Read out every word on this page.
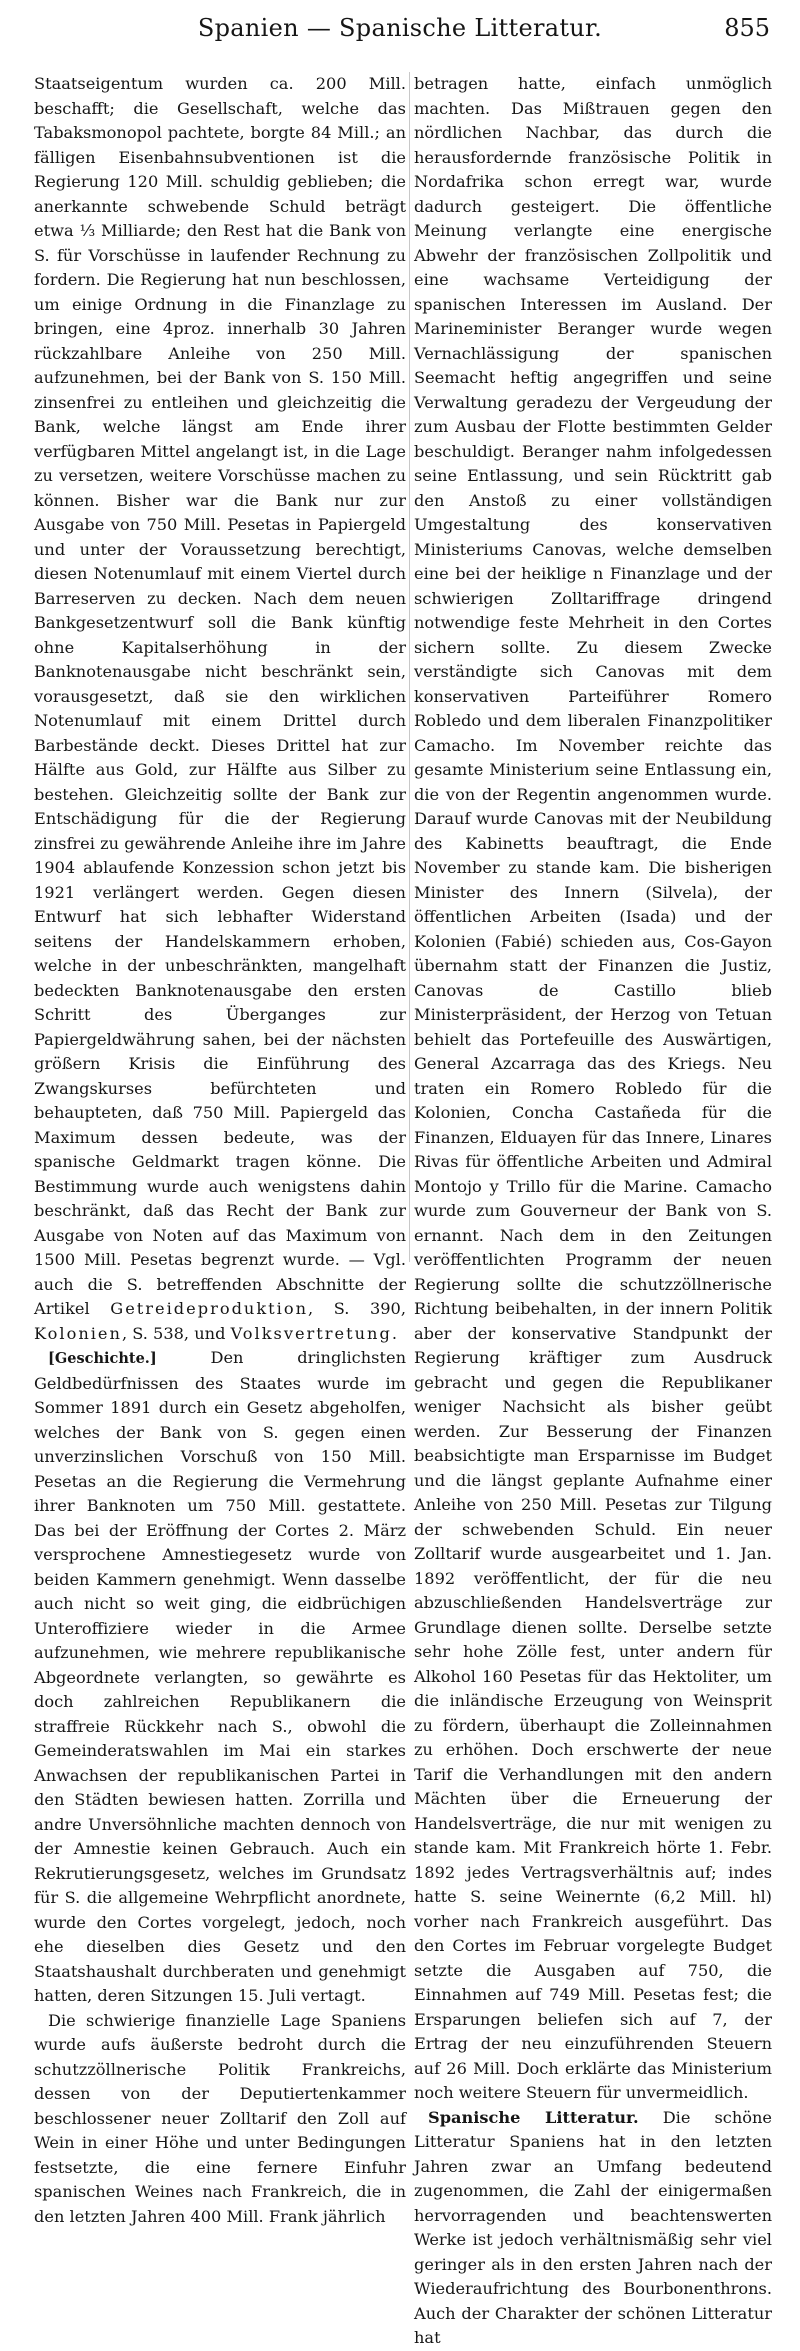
Spanien — Spanische Litteratur.	855

Staatseigentum wurden ca. 200 Mill. beschafft; die Gesellschaft, welche das Tabaksmonopol pachtete, borgte 84 Mill.; an fälligen Eisenbahnsubventionen ist die Regierung 120 Mill. schuldig geblieben; die anerkannte schwebende Schuld beträgt etwa ⅓ Milliarde; den Rest hat die Bank von S. für Vorschüsse in laufender Rechnung zu fordern. Die Regierung hat nun beschlossen, um einige Ordnung in die Finanzlage zu bringen, eine 4proz. innerhalb 30 Jahren rückzahlbare Anleihe von 250 Mill. aufzunehmen, bei der Bank von S. 150 Mill. zinsenfrei zu entleihen und gleichzeitig die Bank, welche längst am Ende ihrer verfügbaren Mittel angelangt ist, in die Lage zu versetzen, weitere Vorschüsse machen zu können. Bisher war die Bank nur zur Ausgabe von 750 Mill. Pesetas in Papiergeld und unter der Voraussetzung berechtigt, diesen Notenumlauf mit einem Viertel durch Barreserven zu decken. Nach dem neuen Bankgesetzentwurf soll die Bank künftig ohne Kapitalserhöhung in der Banknotenausgabe nicht beschränkt sein, vorausgesetzt, daß sie den wirklichen Notenumlauf mit einem Drittel durch Barbestände deckt. Dieses Drittel hat zur Hälfte aus Gold, zur Hälfte aus Silber zu bestehen. Gleichzeitig sollte der Bank zur Entschädigung für die der Regierung zinsfrei zu gewährende Anleihe ihre im Jahre 1904 ablaufende Konzession schon jetzt bis 1921 verlängert werden. Gegen diesen Entwurf hat sich lebhafter Widerstand seitens der Handelskammern erhoben, welche in der unbeschränkten, mangelhaft bedeckten Banknotenausgabe den ersten Schritt des Überganges zur Papiergeldwährung sahen, bei der nächsten größern Krisis die Einführung des Zwangskurses befürchteten und behaupteten, daß 750 Mill. Papiergeld das Maximum dessen bedeute, was der spanische Geldmarkt tragen könne. Die Bestimmung wurde auch wenigstens dahin beschränkt, daß das Recht der Bank zur Ausgabe von Noten auf das Maximum von 1500 Mill. Pesetas begrenzt wurde. — Vgl. auch die S. betreffenden Abschnitte der Artikel Getreideproduktion, S. 390, Kolonien, S. 538, und Volksvertretung.

[Geschichte.]	Den dringlichsten Geldbedürfnissen des Staates wurde im Sommer 1891 durch ein Gesetz abgeholfen, welches der Bank von S. gegen einen unverzinslichen Vorschuß von 150 Mill. Pesetas an die Regierung die Vermehrung ihrer Banknoten um 750 Mill. gestattete. Das bei der Eröffnung der Cortes 2. März versprochene Amnestiegesetz wurde von beiden Kammern genehmigt. Wenn dasselbe auch nicht so weit ging, die eidbrüchigen Unteroffiziere wieder in die Armee aufzunehmen, wie mehrere republikanische Abgeordnete verlangten, so gewährte es doch zahlreichen Republikanern die straffreie Rückkehr nach S., obwohl die Gemeinderatswahlen im Mai ein starkes Anwachsen der republikanischen Partei in den Städten bewiesen hatten. Zorrilla und andre Unversöhnliche machten dennoch von der Amnestie keinen Gebrauch. Auch ein Rekrutierungsgesetz, welches im Grundsatz für S. die allgemeine Wehrpflicht anordnete, wurde den Cortes vorgelegt, jedoch, noch ehe dieselben dies Gesetz und den Staatshaushalt durchberaten und genehmigt hatten, deren Sitzungen 15. Juli vertagt.

Die schwierige finanzielle Lage Spaniens wurde aufs äußerste bedroht durch die schutzzöllnerische Politik Frankreichs, dessen von der Deputiertenkammer beschlossener neuer Zolltarif den Zoll auf Wein in einer Höhe und unter Bedingungen festsetzte, die eine fernere Einfuhr spanischen Weines nach Frankreich, die in den letzten Jahren 400 Mill. Frank jährlich

betragen hatte, einfach unmöglich machten. Das Mißtrauen gegen den nördlichen Nachbar, das durch die herausfordernde französische Politik in Nordafrika schon erregt war, wurde dadurch gesteigert. Die öffentliche Meinung verlangte eine energische Abwehr der französischen Zollpolitik und eine wachsame Verteidigung der spanischen Interessen im Ausland. Der Marineminister Beranger wurde wegen Vernachlässigung der spanischen Seemacht heftig angegriffen und seine Verwaltung geradezu der Vergeudung der zum Ausbau der Flotte bestimmten Gelder beschuldigt. Beranger nahm infolgedessen seine Entlassung, und sein Rücktritt gab den Anstoß zu einer vollständigen Umgestaltung des konservativen Ministeriums Canovas, welche demselben eine bei der heiklige n Finanzlage und der schwierigen Zolltariffrage dringend notwendige feste Mehrheit in den Cortes sichern sollte. Zu diesem Zwecke verständigte sich Canovas mit dem konservativen Parteiführer Romero Robledo und dem liberalen Finanzpolitiker Camacho. Im November reichte das gesamte Ministerium seine Entlassung ein, die von der Regentin angenommen wurde. Darauf wurde Canovas mit der Neubildung des Kabinetts beauftragt, die Ende November zu stande kam. Die bisherigen Minister des Innern (Silvela), der öffentlichen Arbeiten (Isada) und der Kolonien (Fabié) schieden aus, Cos-Gayon übernahm statt der Finanzen die Justiz, Canovas de Castillo blieb Ministerpräsident, der Herzog von Tetuan behielt das Portefeuille des Auswärtigen, General Azcarraga das des Kriegs. Neu traten ein Romero Robledo für die Kolonien, Concha Castañeda für die Finanzen, Elduayen für das Innere, Linares Rivas für öffentliche Arbeiten und Admiral Montojo y Trillo für die Marine. Camacho wurde zum Gouverneur der Bank von S. ernannt. Nach dem in den Zeitungen veröffentlichten Programm der neuen Regierung sollte die schutzzöllnerische Richtung beibehalten, in der innern Politik aber der konservative Standpunkt der Regierung kräftiger zum Ausdruck gebracht und gegen die Republikaner weniger Nachsicht als bisher geübt werden. Zur Besserung der Finanzen beabsichtigte man Ersparnisse im Budget und die längst geplante Aufnahme einer Anleihe von 250 Mill. Pesetas zur Tilgung der schwebenden Schuld. Ein neuer Zolltarif wurde ausgearbeitet und 1. Jan. 1892 veröffentlicht, der für die neu abzuschließenden Handelsverträge zur Grundlage dienen sollte. Derselbe setzte sehr hohe Zölle fest, unter andern für Alkohol 160 Pesetas für das Hektoliter, um die inländische Erzeugung von Weinsprit zu fördern, überhaupt die Zolleinnahmen zu erhöhen. Doch erschwerte der neue Tarif die Verhandlungen mit den andern Mächten über die Erneuerung der Handelsverträge, die nur mit wenigen zu stande kam. Mit Frankreich hörte 1. Febr. 1892 jedes Vertragsverhältnis auf; indes hatte S. seine Weinernte (6,2 Mill. hl) vorher nach Frankreich ausgeführt. Das den Cortes im Februar vorgelegte Budget setzte die Ausgaben auf 750, die Einnahmen auf 749 Mill. Pesetas fest; die Ersparungen beliefen sich auf 7, der Ertrag der neu einzuführenden Steuern auf 26 Mill. Doch erklärte das Ministerium noch weitere Steuern für unvermeidlich.

Spanische Litteratur. Die schöne Litteratur Spaniens hat in den letzten Jahren zwar an Umfang bedeutend zugenommen, die Zahl der einigermaßen hervorragenden und beachtenswerten Werke ist jedoch verhältnismäßig sehr viel geringer als in den ersten Jahren nach der Wiederaufrichtung des Bourbonenthrons. Auch der Charakter der schönen Litteratur hat
